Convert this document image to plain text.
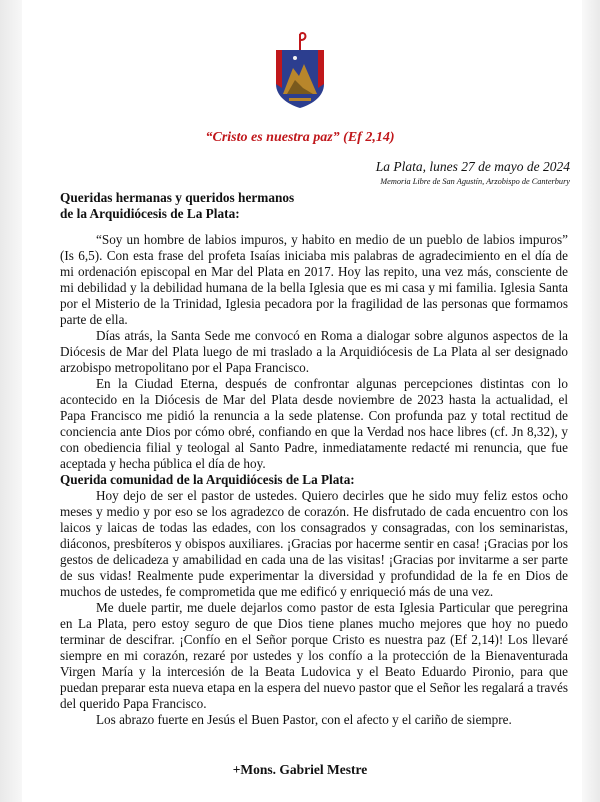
“Cristo es nuestra paz” (Ef 2,14)
La Plata, lunes 27 de mayo de 2024
Memoria Libre de San Agustín, Arzobispo de Canterbury
Queridas hermanas y queridos hermanos
de la Arquidiócesis de La Plata:

“Soy un hombre de labios impuros, y habito en medio de un pueblo de labios impuros” (Is 6,5). Con esta frase del profeta Isaías iniciaba mis palabras de agradecimiento en el día de mi ordenación episcopal en Mar del Plata en 2017. Hoy las repito, una vez más, consciente de mi debilidad y la debilidad humana de la bella Iglesia que es mi casa y mi familia. Iglesia Santa por el Misterio de la Trinidad, Iglesia pecadora por la fragilidad de las personas que formamos parte de ella.

Días atrás, la Santa Sede me convocó en Roma a dialogar sobre algunos aspectos de la Diócesis de Mar del Plata luego de mi traslado a la Arquidiócesis de La Plata al ser designado arzobispo metropolitano por el Papa Francisco.

En la Ciudad Eterna, después de confrontar algunas percepciones distintas con lo acontecido en la Diócesis de Mar del Plata desde noviembre de 2023 hasta la actualidad, el Papa Francisco me pidió la renuncia a la sede platense. Con profunda paz y total rectitud de conciencia ante Dios por cómo obré, confiando en que la Verdad nos hace libres (cf. Jn 8,32), y con obediencia filial y teologal al Santo Padre, inmediatamente redacté mi renuncia, que fue aceptada y hecha pública el día de hoy.

Querida comunidad de la Arquidiócesis de La Plata:

Hoy dejo de ser el pastor de ustedes. Quiero decirles que he sido muy feliz estos ocho meses y medio y por eso se los agradezco de corazón. He disfrutado de cada encuentro con los laicos y laicas de todas las edades, con los consagrados y consagradas, con los seminaristas, diáconos, presbíteros y obispos auxiliares. ¡Gracias por hacerme sentir en casa! ¡Gracias por los gestos de delicadeza y amabilidad en cada una de las visitas! ¡Gracias por invitarme a ser parte de sus vidas! Realmente pude experimentar la diversidad y profundidad de la fe en Dios de muchos de ustedes, fe comprometida que me edificó y enriqueció más de una vez.

Me duele partir, me duele dejarlos como pastor de esta Iglesia Particular que peregrina en La Plata, pero estoy seguro de que Dios tiene planes mucho mejores que hoy no puedo terminar de descifrar. ¡Confío en el Señor porque Cristo es nuestra paz (Ef 2,14)! Los llevaré siempre en mi corazón, rezaré por ustedes y los confío a la protección de la Bienaventurada Virgen María y la intercesión de la Beata Ludovica y el Beato Eduardo Pironio, para que puedan preparar esta nueva etapa en la espera del nuevo pastor que el Señor les regalará a través del querido Papa Francisco.

Los abrazo fuerte en Jesús el Buen Pastor, con el afecto y el cariño de siempre.

+Mons. Gabriel Mestre
